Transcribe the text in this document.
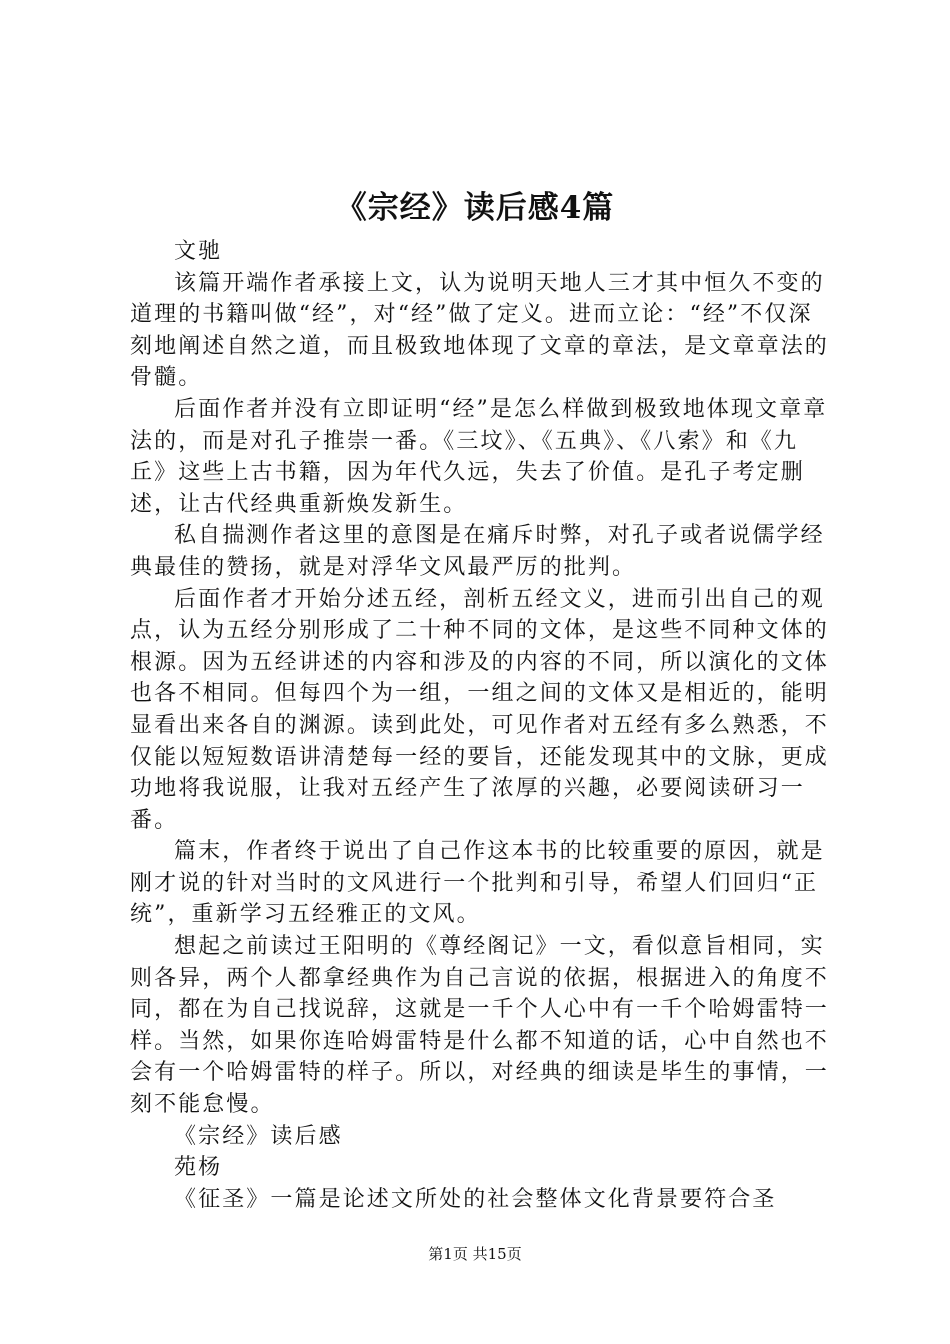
《宗经》读后感4篇

文驰

该篇开端作者承接上文，认为说明天地人三才其中恒久不变的道理的书籍叫做“经”，对“经”做了定义。进而立论：“经”不仅深刻地阐述自然之道，而且极致地体现了文章的章法，是文章章法的骨髓。

后面作者并没有立即证明“经”是怎么样做到极致地体现文章章法的，而是对孔子推崇一番。《三坟》、《五典》、《八索》和《九丘》这些上古书籍，因为年代久远，失去了价值。是孔子考定删述，让古代经典重新焕发新生。

私自揣测作者这里的意图是在痛斥时弊，对孔子或者说儒学经典最佳的赞扬，就是对浮华文风最严厉的批判。

后面作者才开始分述五经，剖析五经文义，进而引出自己的观点，认为五经分别形成了二十种不同的文体，是这些不同种文体的根源。因为五经讲述的内容和涉及的内容的不同，所以演化的文体也各不相同。但每四个为一组，一组之间的文体又是相近的，能明显看出来各自的渊源。读到此处，可见作者对五经有多么熟悉，不仅能以短短数语讲清楚每一经的要旨，还能发现其中的文脉，更成功地将我说服，让我对五经产生了浓厚的兴趣，必要阅读研习一番。

篇末，作者终于说出了自己作这本书的比较重要的原因，就是刚才说的针对当时的文风进行一个批判和引导，希望人们回归“正统”，重新学习五经雅正的文风。

想起之前读过王阳明的《尊经阁记》一文，看似意旨相同，实则各异，两个人都拿经典作为自己言说的依据，根据进入的角度不同，都在为自己找说辞，这就是一千个人心中有一千个哈姆雷特一样。当然，如果你连哈姆雷特是什么都不知道的话，心中自然也不会有一个哈姆雷特的样子。所以，对经典的细读是毕生的事情，一刻不能怠慢。

《宗经》读后感

苑杨

《征圣》一篇是论述文所处的社会整体文化背景要符合圣

第1页 共15页
